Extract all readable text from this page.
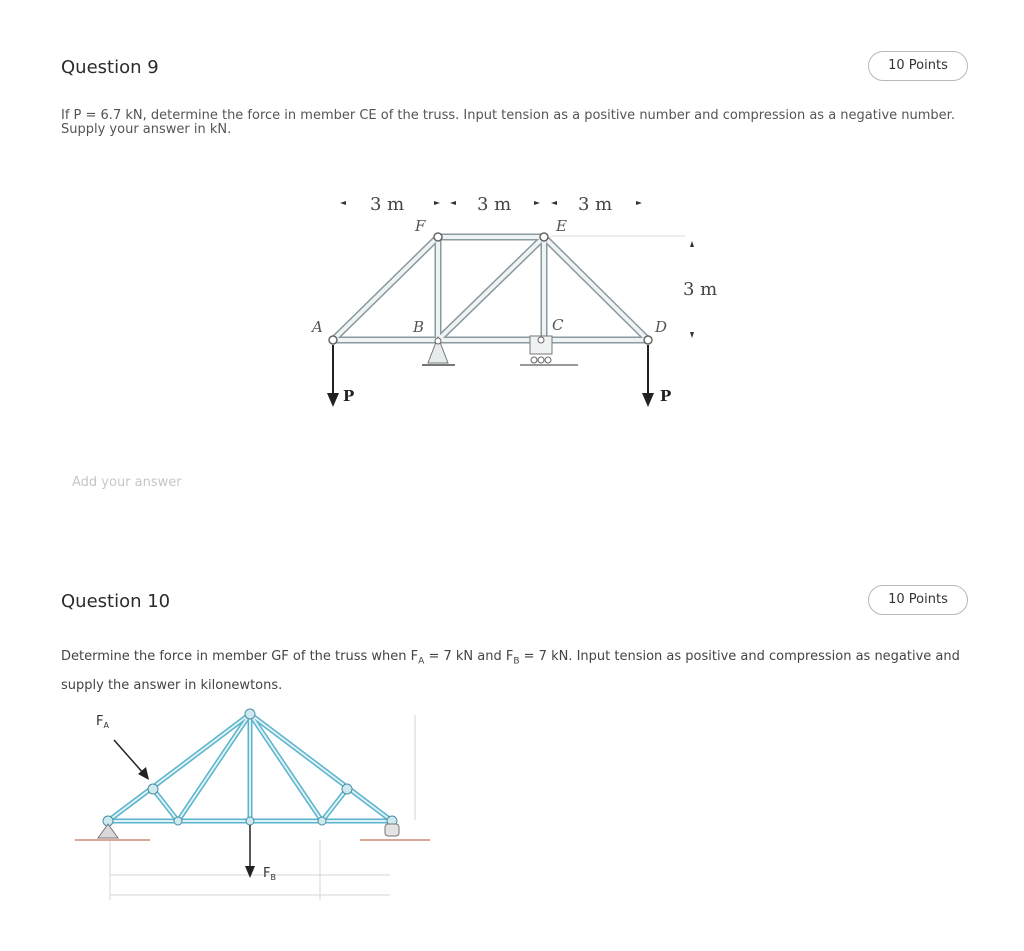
Question 9	10 Points
If P = 6.7 kN, determine the force in member CE of the truss. Input tension as a positive number and compression as a negative number. Supply your answer in kN.
3 m	3 m	3 m
3 m
A	B	C	D
E
F
P	P
Add your answer
Question 10	10 Points
Determine the force in member GF of the truss when $F_A = 7$ kN and $F_B = 7$ kN. Input tension as positive and compression as negative and supply the answer in kilonewtons.
$F_A$
$F_B$
